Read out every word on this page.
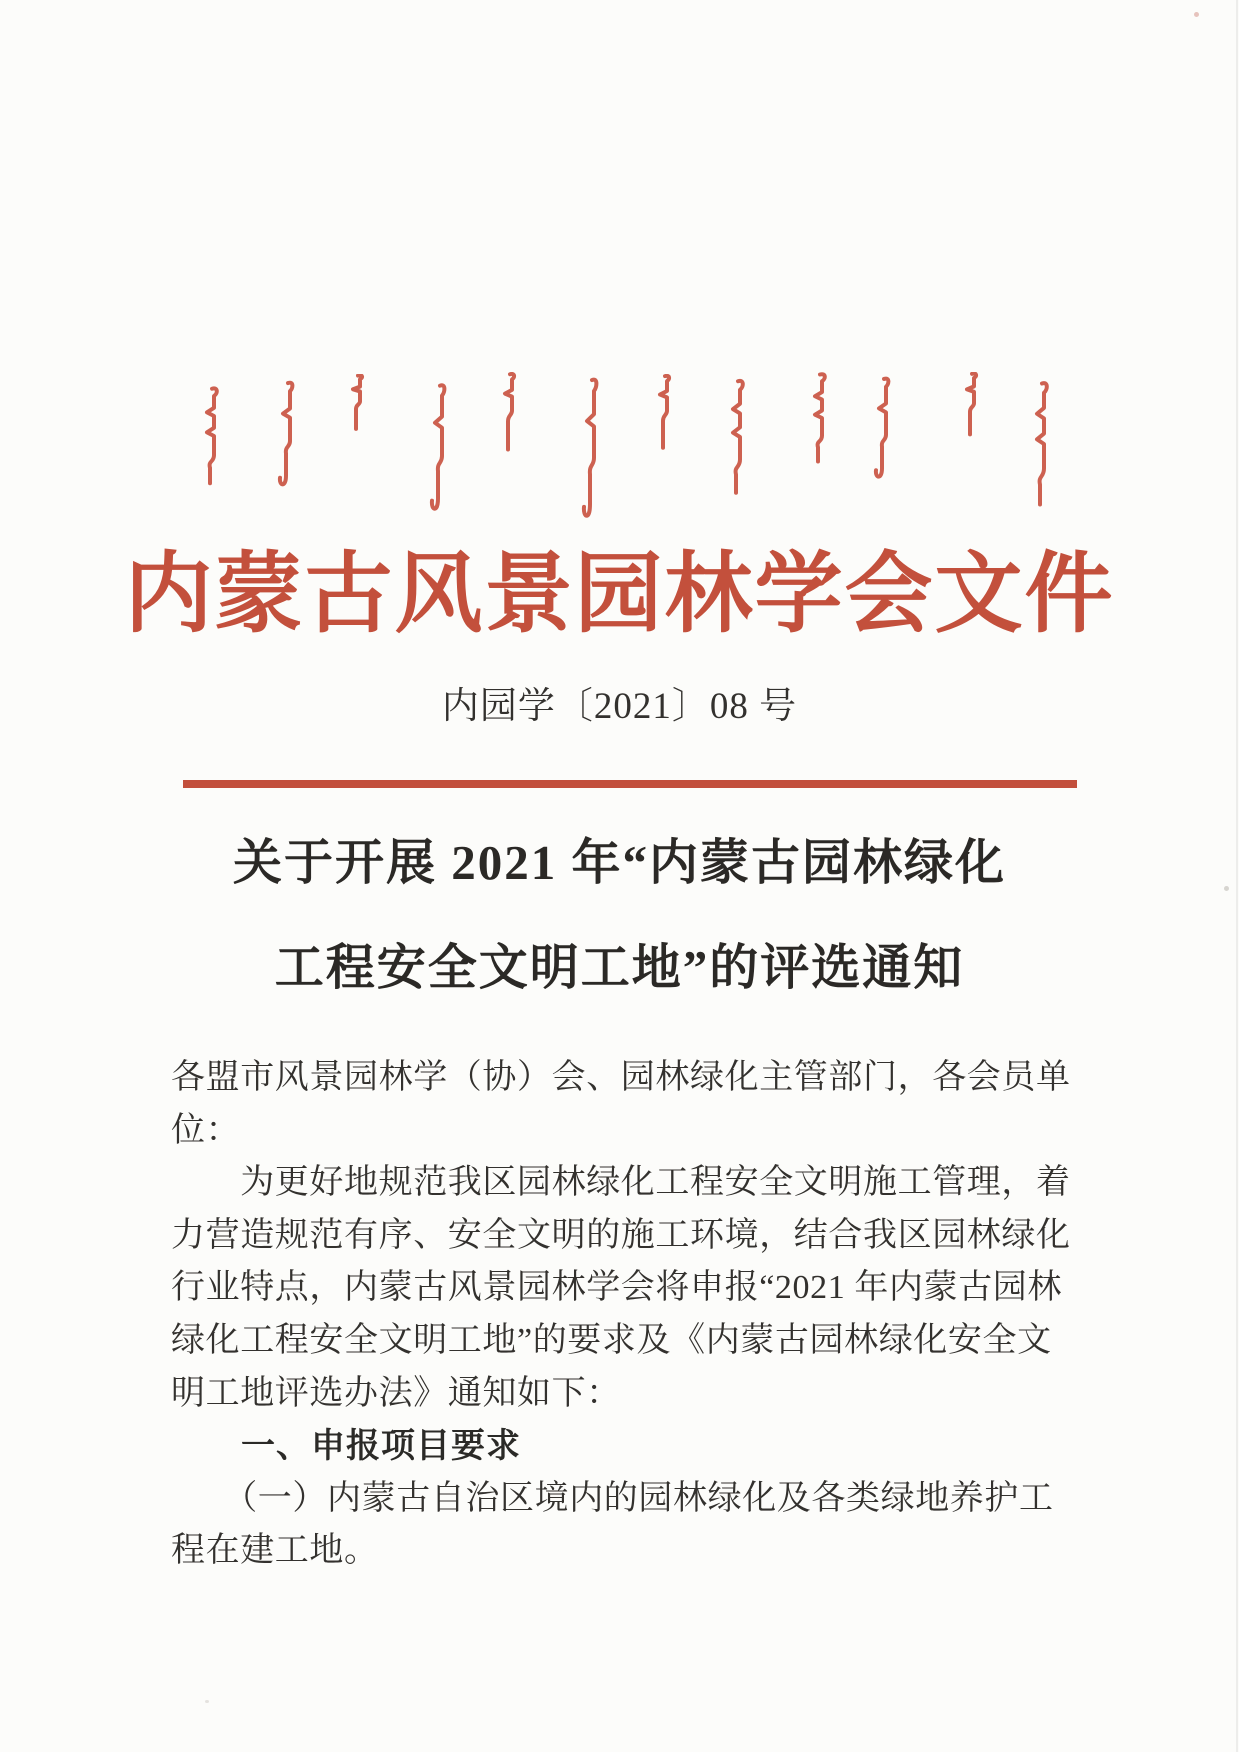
内蒙古风景园林学会文件
内园学〔2021〕08 号
关于开展 2021 年“内蒙古园林绿化
工程安全文明工地”的评选通知
各盟市风景园林学（协）会、园林绿化主管部门，各会员单
位：
　　为更好地规范我区园林绿化工程安全文明施工管理，着
力营造规范有序、安全文明的施工环境，结合我区园林绿化
行业特点，内蒙古风景园林学会将申报“2021 年内蒙古园林
绿化工程安全文明工地”的要求及《内蒙古园林绿化安全文
明工地评选办法》通知如下：
　　一、申报项目要求
　　（一）内蒙古自治区境内的园林绿化及各类绿地养护工
程在建工地。
